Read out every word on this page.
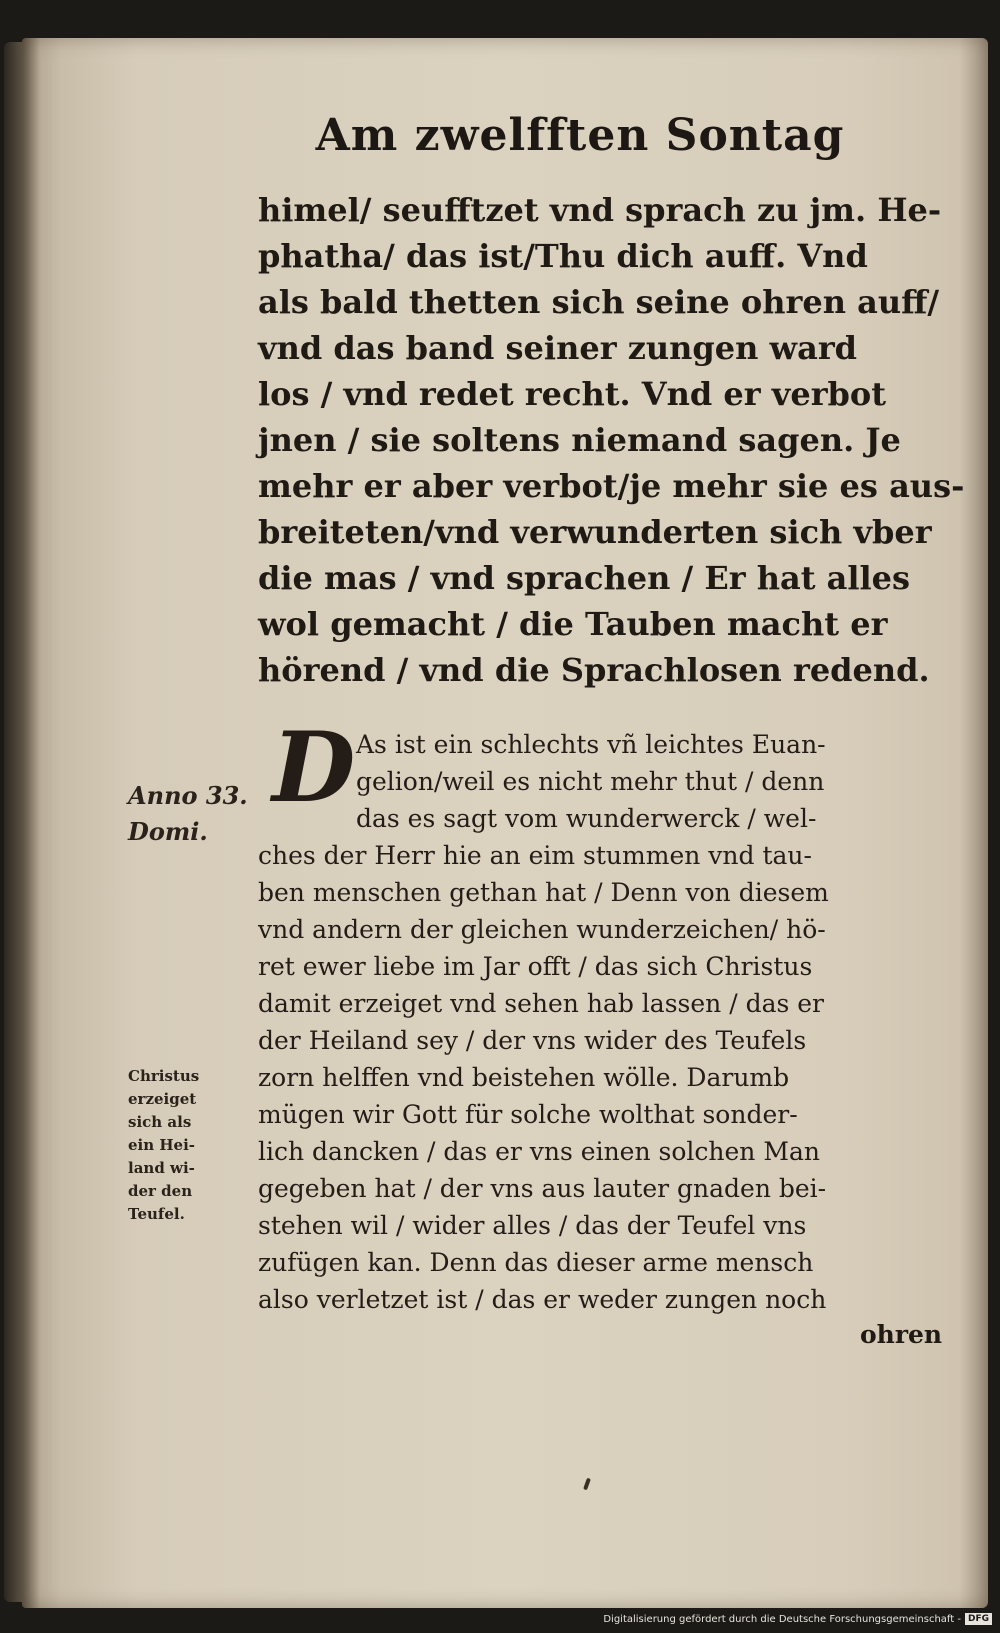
Am zwelfften Sontag
himel/ seufftzet vnd sprach zu jm. He-
phatha/ das ist/Thu dich auff. Vnd
als bald thetten sich seine ohren auff/
vnd das band seiner zungen ward
los / vnd redet recht. Vnd er verbot
jnen / sie soltens niemand sagen. Je
mehr er aber verbot/je mehr sie es aus-
breiteten/vnd verwunderten sich vber
die mas / vnd sprachen / Er hat alles
wol gemacht / die Tauben macht er
hörend / vnd die Sprachlosen redend.
D As ist ein schlechts vñ leichtes Euan-
gelion/weil es nicht mehr thut / denn
das es sagt vom wunderwerck / wel-
ches der Herr hie an eim stummen vnd tau-
ben menschen gethan hat / Denn von diesem
vnd andern der gleichen wunderzeichen/ hö-
ret ewer liebe im Jar offt / das sich Christus
damit erzeiget vnd sehen hab lassen / das er
der Heiland sey / der vns wider des Teufels
zorn helffen vnd beistehen wölle. Darumb
mügen wir Gott für solche wolthat sonder-
lich dancken / das er vns einen solchen Man
gegeben hat / der vns aus lauter gnaden bei-
stehen wil / wider alles / das der Teufel vns
zufügen kan. Denn das dieser arme mensch
also verletzet ist / das er weder zungen noch
ohren
Anno 33.
Domi.
Christus
erzeiget
sich als
ein Hei-
land wi-
der den
Teufel.
Digitalisierung gefördert durch die Deutsche Forschungsgemeinschaft - DFG
